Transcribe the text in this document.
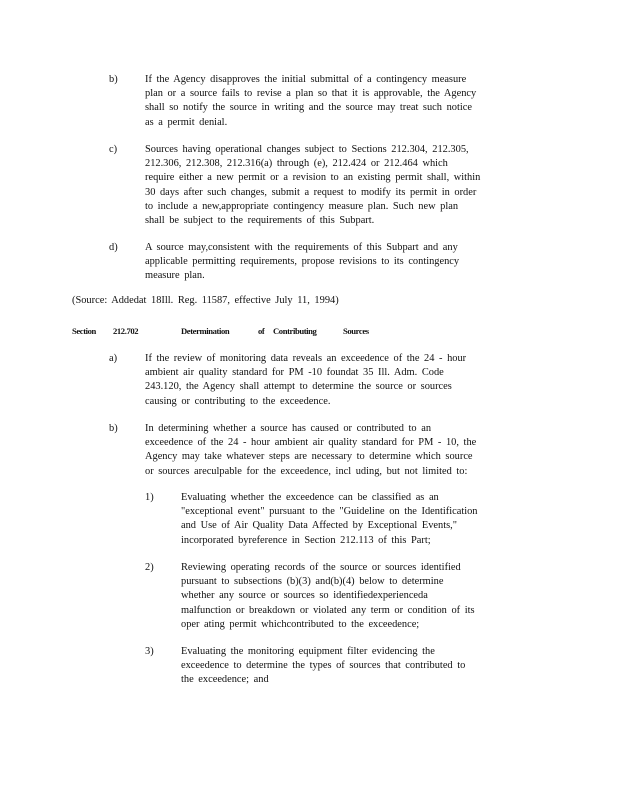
b)	If the Agency disapproves the initial submittal of a contingency measure
plan or a source fails to revise a plan so that it is approvable, the Agency
shall so notify the source in writing and the source may treat such notice
as a permit denial.
c)	Sources having operational changes subject to Sections 212.304, 212.305,
212.306, 212.308, 212.316(a) through (e), 212.424 or 212.464 which
require either a new permit or a revision to an existing permit shall, within
30 days after such changes, submit a request to modify its permit in order
to include a new,appropriate contingency measure plan. Such new plan
shall be subject to the requirements of this Subpart.
d)	A source may,consistent with the requirements of this Subpart and any
applicable permitting requirements, propose revisions to its contingency
measure plan.
(Source: Addedat 18Ill. Reg. 11587, effective July 11, 1994)
Section 212.702	Determination	of Contributing	Sources
a)	If the review of monitoring data reveals an exceedence of the 24 - hour
ambient air quality standard for PM -10 foundat 35 Ill. Adm. Code
243.120, the Agency shall attempt to determine the source or sources
causing or contributing to the exceedence.
b)	In determining whether a source has caused or contributed to an
exceedence of the 24 - hour ambient air quality standard for PM - 10, the
Agency may take whatever steps are necessary to determine which source
or sources areculpable for the exceedence, incl uding, but not limited to:
1)	Evaluating whether the exceedence can be classified as an
"exceptional event" pursuant to the "Guideline on the Identification
and Use of Air Quality Data Affected by Exceptional Events,"
incorporated byreference in Section 212.113 of this Part;
2)	Reviewing operating records of the source or sources identified
pursuant to subsections (b)(3) and(b)(4) below to determine
whether any source or sources so identifiedexperienceda
malfunction or breakdown or violated any term or condition of its
oper ating permit whichcontributed to the exceedence;
3)	Evaluating the monitoring equipment filter evidencing the
exceedence to determine the types of sources that contributed to
the exceedence; and
